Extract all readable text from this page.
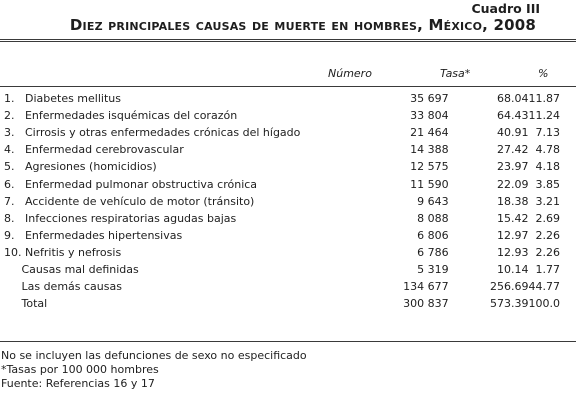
Cuadro III
Diez principales causas de muerte en hombres, México, 2008
Número	Tasa*	%
1.   Diabetes mellitus		35 697	68.04	11.87
2.   Enfermedades isquémicas del corazón		33 804	64.43	11.24
3.   Cirrosis y otras enfermedades crónicas del hígado		21 464	40.91	7.13
4.   Enfermedad cerebrovascular		14 388	27.42	4.78
5.   Agresiones (homicidios)		12 575	23.97	4.18
6.   Enfermedad pulmonar obstructiva crónica		11 590	22.09	3.85
7.   Accidente de vehículo de motor (tránsito)		9 643	18.38	3.21
8.   Infecciones respiratorias agudas bajas		8 088	15.42	2.69
9.   Enfermedades hipertensivas		6 806	12.97	2.26
10. Nefritis y nefrosis		6 786	12.93	2.26
Causas mal definidas		5 319	10.14	1.77
Las demás causas		134 677	256.69	44.77
Total		300 837	573.39	100.0
No se incluyen las defunciones de sexo no especificado
*Tasas por 100 000 hombres
Fuente: Referencias 16 y 17
